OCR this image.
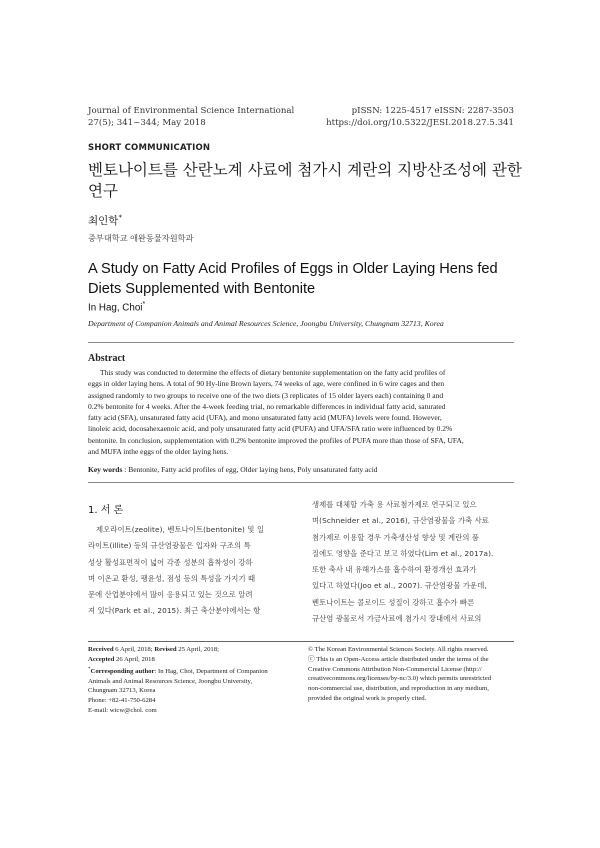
Journal of Environmental Science International
27(5); 341~344; May 2018
pISSN: 1225-4517 eISSN: 2287-3503
https://doi.org/10.5322/JESI.2018.27.5.341
SHORT COMMUNICATION
벤토나이트를 산란노계 사료에 첨가시 계란의 지방산조성에 관한
연구
최인학*
중부대학교 애완동물자원학과
A Study on Fatty Acid Profiles of Eggs in Older Laying Hens fed
Diets Supplemented with Bentonite
In Hag, Choi*
Department of Companion Animals and Animal Resources Science, Joongbu University, Chungnam 32713, Korea
Abstract
This study was conducted to determine the effects of dietary bentonite supplementation on the fatty acid profiles of
eggs in older laying hens. A total of 90 Hy-line Brown layers, 74 weeks of age, were confined in 6 wire cages and then
assigned randomly to two groups to receive one of the two diets (3 replicates of 15 older layers each) containing 0 and
0.2% bentonite for 4 weeks. After the 4-week feeding trial, no remarkable differences in individual fatty acid, saturated
fatty acid (SFA), unsaturated fatty acid (UFA), and mono unsaturated fatty acid (MUFA) levels were found. However,
linoleic acid, docosahexaenoic acid, and poly unsaturated fatty acid (PUFA) and UFA/SFA ratio were influenced by 0.2%
bentonite. In conclusion, supplementation with 0.2% bentonite improved the profiles of PUFA more than those of SFA, UFA,
and MUFA inthe eggs of the older laying hens.
Key words : Bentonite, Fatty acid profiles of egg, Older laying hens, Poly unsaturated fatty acid
1. 서 론
제오라이트(zeolite), 벤토나이트(bentonite) 및 일
라이트(illite) 등의 규산염광물은 입자와 구조의 특
성상 활성표면적이 넓어 각종 성분의 흡착성이 강하
며 이온교 환성, 팽윤성, 점성 등의 특성을 가지기 때
문에 산업분야에서 많이 응용되고 있는 것으로 알려
져 있다(Park et al., 2015). 최근 축산분야에서는 항
생제를 대체할 가축 용 사료첨가제로 연구되고 있으
며(Schneider et al., 2016), 규산염광물을 가축 사료
첨가제로 이용할 경우 가축생산성 향상 및 계란의 품
질에도 영향을 준다고 보고 하였다(Lim et al., 2017a).
또한 축사 내 유해가스를 흡수하여 환경개선 효과가
있다고 하였다(Joo et al., 2007). 규산염광물 가운데,
벤토나이트는 콜로이드 성질이 강하고 흡수가 빠른
규산염 광물로서 가금사료에 첨가시 장내에서 사료의
Received 6 April, 2018; Revised 25 April, 2018;
Accepted 26 April, 2018
*Corresponding author: In Hag, Choi, Department of Companion
Animals and Animal Resources Science, Joongbu University,
Chungnam 32713, Korea
Phone: +82-41-750-6284
E-mail: wicw@chol. com
© The Korean Environmental Sciences Society. All rights reserved.
ⓒ This is an Open-Access article distributed under the terms of the
Creative Commons Attribution Non-Commercial License (http://
creativecommons.org/licenses/by-nc/3.0) which permits unrestricted
non-commercial use, distribution, and reproduction in any medium,
provided the original work is properly cited.
